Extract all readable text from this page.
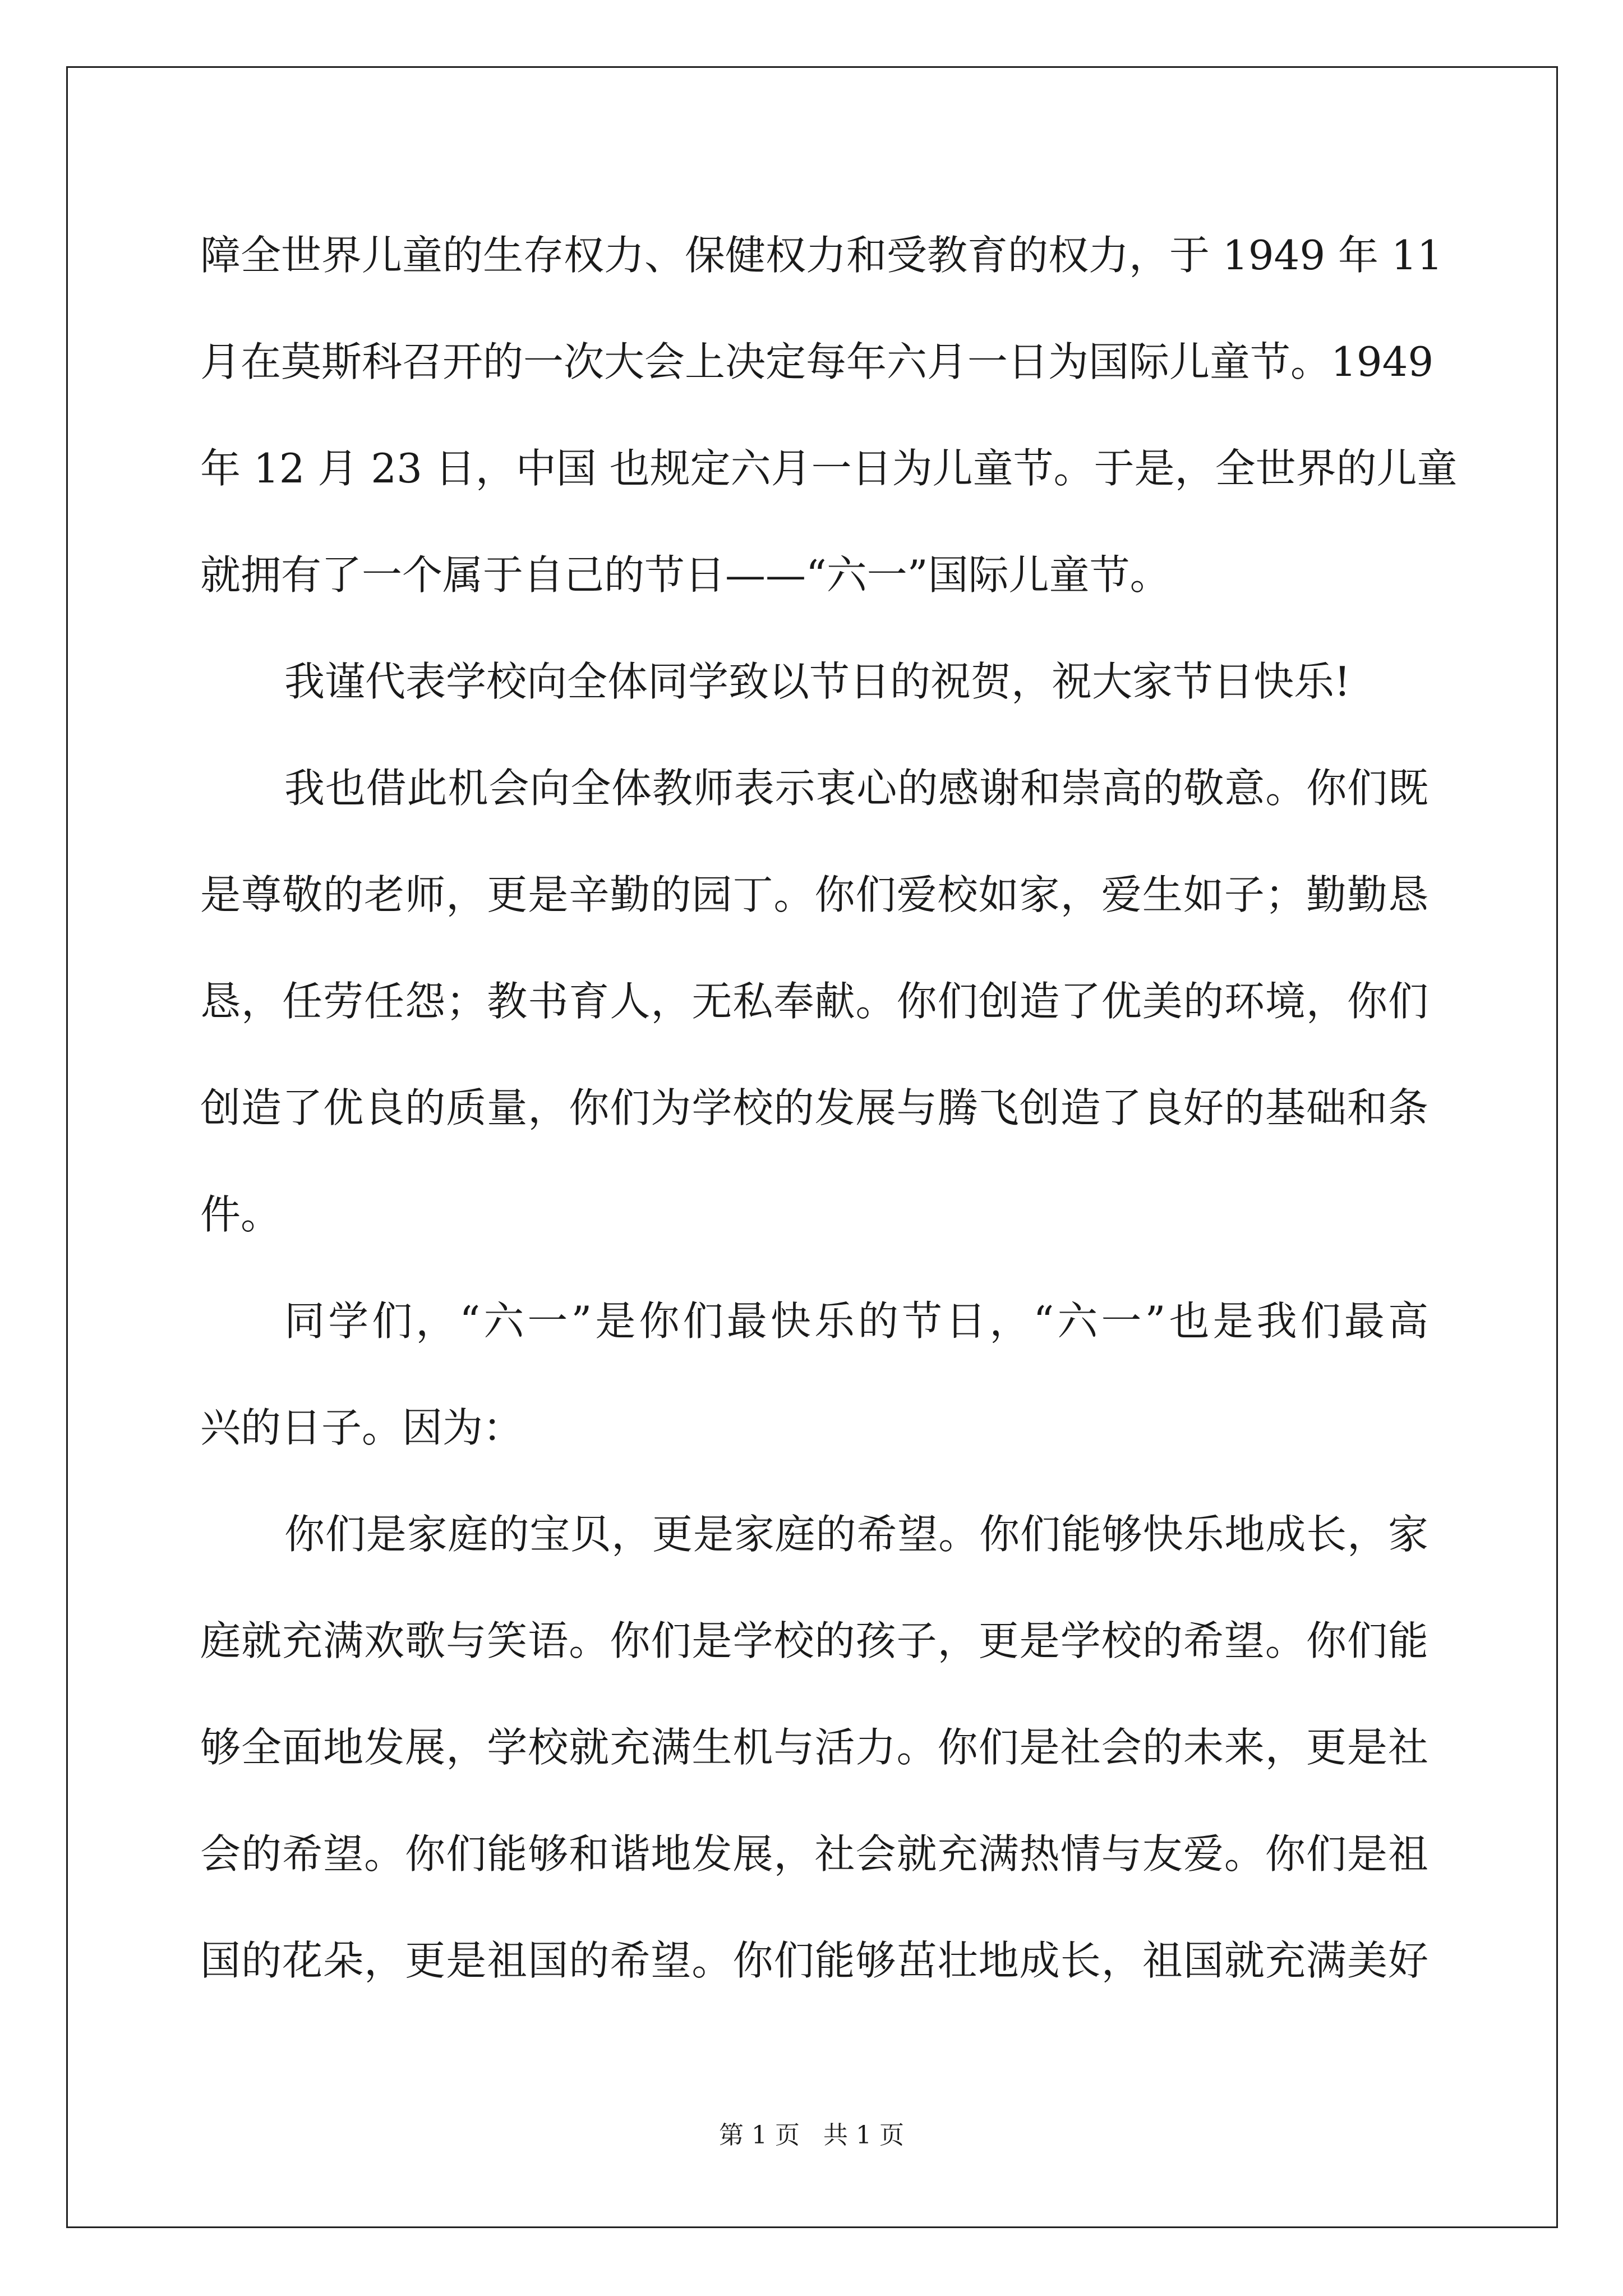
障全世界儿童的生存权力、保健权力和受教育的权力，于 1949 年 11
月在莫斯科召开的一次大会上决定每年六月一日为国际儿童节。1949
年 12 月 23 日，中国 也规定六月一日为儿童节。于是，全世界的儿童
就拥有了一个属于自己的节日——“六一”国际儿童节。
我谨代表学校向全体同学致以节日的祝贺，祝大家节日快乐!
我也借此机会向全体教师表示衷心的感谢和崇高的敬意。你们既
是尊敬的老师，更是辛勤的园丁。你们爱校如家，爱生如子；勤勤恳
恳，任劳任怨；教书育人，无私奉献。你们创造了优美的环境，你们
创造了优良的质量，你们为学校的发展与腾飞创造了良好的基础和条
件。
同学们，“六一”是你们最快乐的节日，“六一”也是我们最高
兴的日子。因为：
你们是家庭的宝贝，更是家庭的希望。你们能够快乐地成长，家
庭就充满欢歌与笑语。你们是学校的孩子，更是学校的希望。你们能
够全面地发展，学校就充满生机与活力。你们是社会的未来，更是社
会的希望。你们能够和谐地发展，社会就充满热情与友爱。你们是祖
国的花朵，更是祖国的希望。你们能够茁壮地成长，祖国就充满美好
第 1 页 共 1 页
